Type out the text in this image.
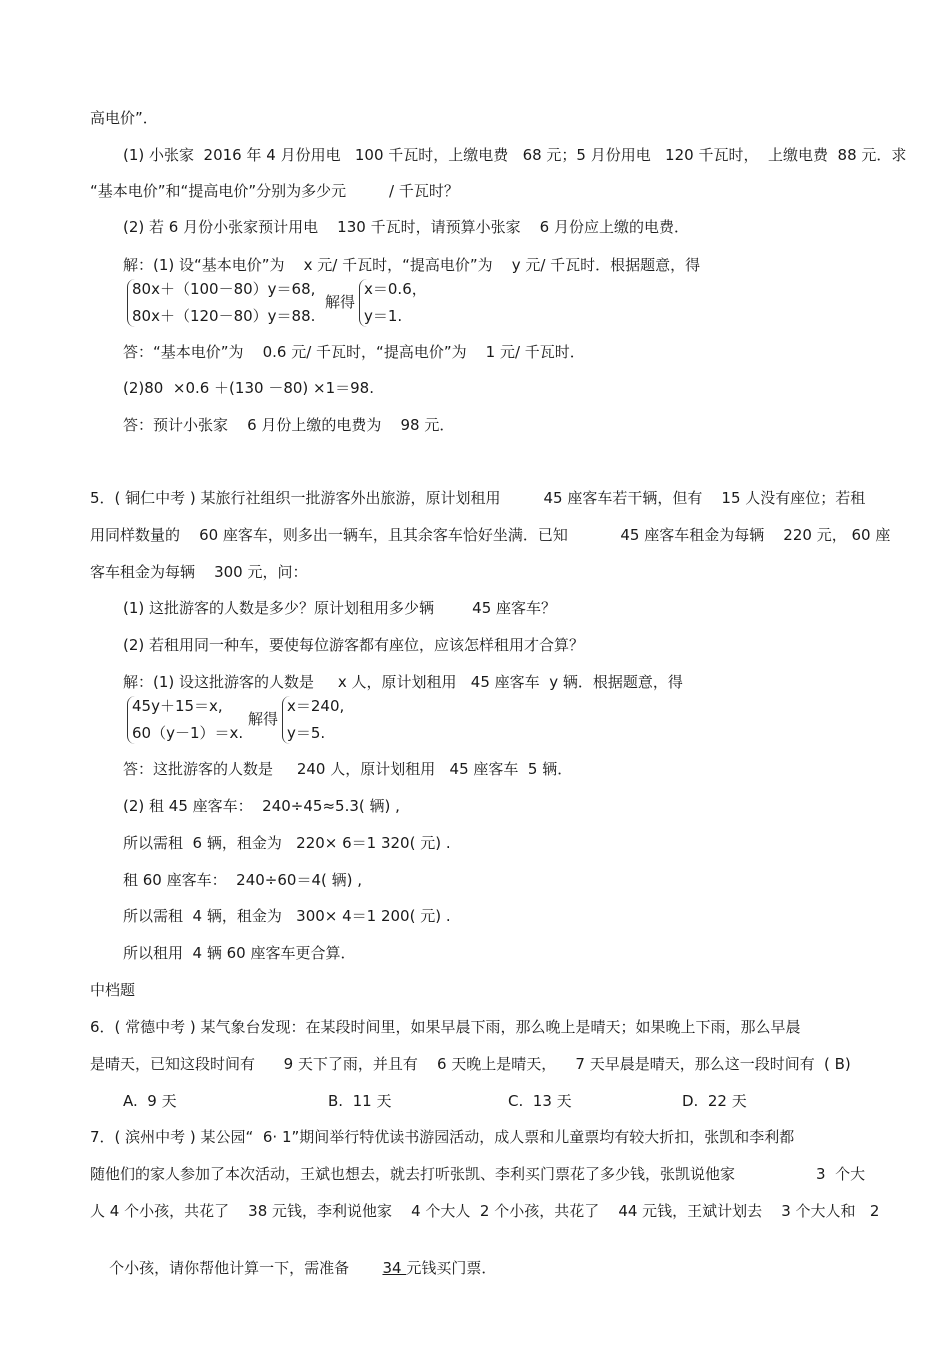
高电价”．
(1) 小张家  2016 年 4 月份用电   100 千瓦时，上缴电费   68 元；5 月份用电   120 千瓦时，  上缴电费  88 元．求
“基本电价”和“提高电价”分别为多少元         / 千瓦时？
(2) 若 6 月份小张家预计用电    130 千瓦时，请预算小张家    6 月份应上缴的电费．
解：(1) 设“基本电价”为    x 元/ 千瓦时，“提高电价”为    y 元/ 千瓦时．根据题意，得
80x＋（100－80）y＝68,
80x＋（120－80）y＝88.
解得
x＝0.6，
y＝1.
答：“基本电价”为    0.6 元/ 千瓦时，“提高电价”为    1 元/ 千瓦时．
(2)80  ×0.6 ＋(130 －80) ×1＝98.
答：预计小张家    6 月份上缴的电费为    98 元．
5．( 铜仁中考 ) 某旅行社组织一批游客外出旅游，原计划租用         45 座客车若干辆，但有    15 人没有座位；若租
用同样数量的    60 座客车，则多出一辆车，且其余客车恰好坐满．已知           45 座客车租金为每辆    220 元， 60 座
客车租金为每辆    300 元，问：
(1) 这批游客的人数是多少？原计划租用多少辆        45 座客车？
(2) 若租用同一种车，要使每位游客都有座位，应该怎样租用才合算？
解：(1) 设这批游客的人数是     x 人，原计划租用   45 座客车  y 辆．根据题意，得
45y＋15＝x,
60（y－1）＝x.
解得
x＝240,
y＝5.
答：这批游客的人数是     240 人，原计划租用   45 座客车  5 辆．
(2) 租 45 座客车：  240÷45≈5.3( 辆) ,
所以需租  6 辆，租金为   220× 6＝1 320( 元) .
租 60 座客车：  240÷60＝4( 辆) ,
所以需租  4 辆，租金为   300× 4＝1 200( 元) .
所以租用  4 辆 60 座客车更合算．
中档题
6．( 常德中考 ) 某气象台发现：在某段时间里，如果早晨下雨，那么晚上是晴天；如果晚上下雨，那么早晨
是晴天，已知这段时间有      9 天下了雨，并且有    6 天晚上是晴天，    7 天早晨是晴天，那么这一段时间有 ( B)
A.  9 天	B.  11 天	C.  13 天	D.  22 天
7．( 滨州中考 ) 某公园“  6· 1”期间举行特优读书游园活动，成人票和儿童票均有较大折扣，张凯和李利都
随他们的家人参加了本次活动，王斌也想去，就去打听张凯、李利买门票花了多少钱，张凯说他家                 3  个大
人 4 个小孩，共花了    38 元钱，李利说他家    4 个大人  2 个小孩，共花了    44 元钱，王斌计划去    3 个大人和   2

个小孩，请你帮他计算一下，需准备       34 元钱买门票．
